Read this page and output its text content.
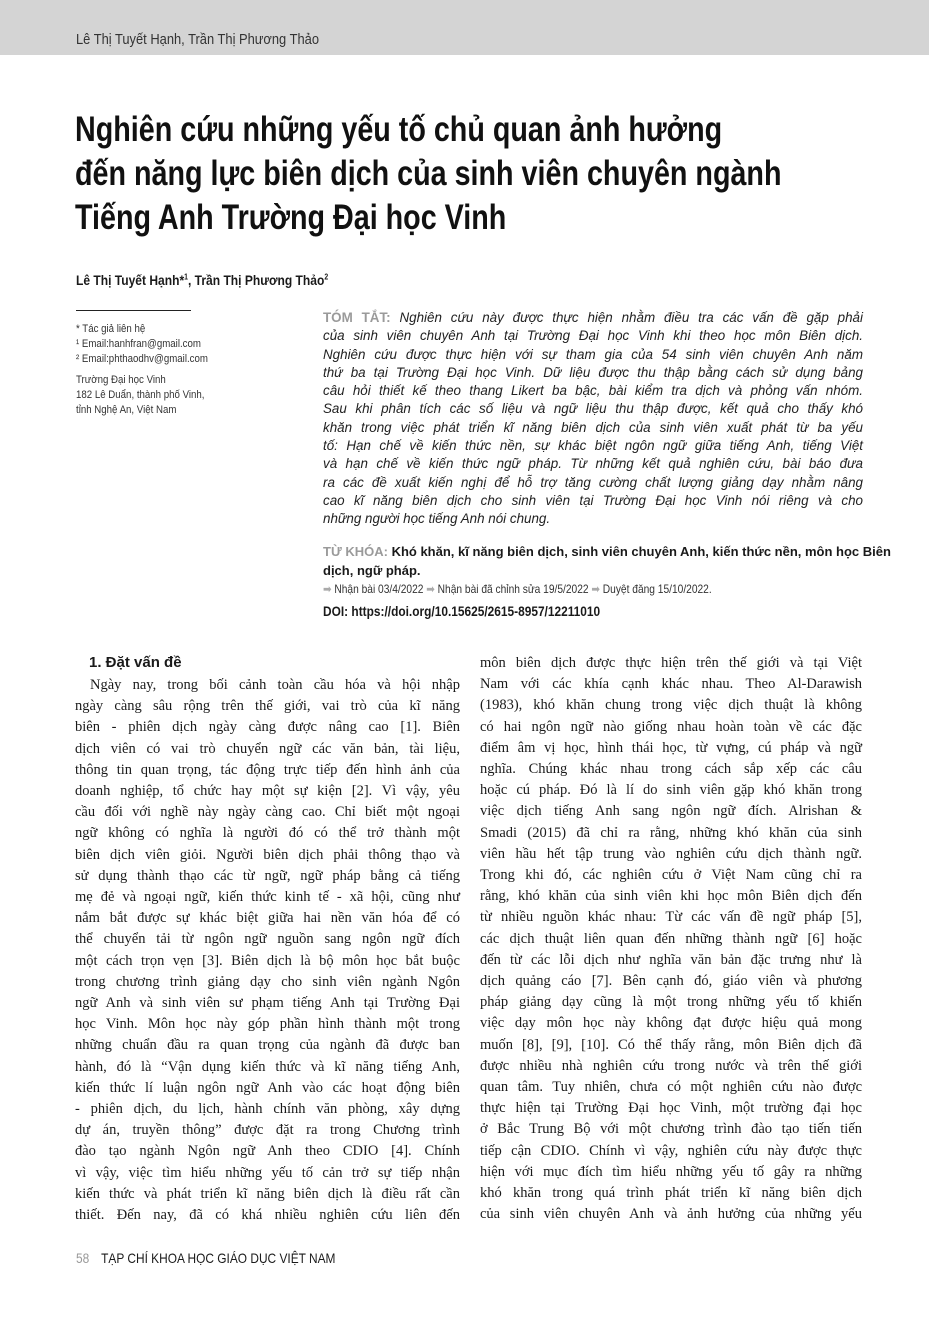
Lê Thị Tuyết Hạnh, Trần Thị Phương Thảo
Nghiên cứu những yếu tố chủ quan ảnh hưởng
đến năng lực biên dịch của sinh viên chuyên ngành
Tiếng Anh Trường Đại học Vinh
Lê Thị Tuyết Hạnh*$^1$, Trần Thị Phương Thảo$^2$
* Tác giả liên hệ
¹ Email:hanhfran@gmail.com
² Email:phthaodhv@gmail.com
Trường Đại học Vinh
182 Lê Duẩn, thành phố Vinh,
tỉnh Nghệ An, Việt Nam
TÓM TẮT: Nghiên cứu này được thực hiện nhằm điều tra các vấn đề gặp phải
của sinh viên chuyên Anh tại Trường Đại học Vinh khi theo học môn Biên dịch.
Nghiên cứu được thực hiện với sự tham gia của 54 sinh viên chuyên Anh năm
thứ ba tại Trường Đại học Vinh. Dữ liệu được thu thập bằng cách sử dụng bảng
câu hỏi thiết kế theo thang Likert ba bậc, bài kiểm tra dịch và phỏng vấn nhóm.
Sau khi phân tích các số liệu và ngữ liệu thu thập được, kết quả cho thấy khó
khăn trong việc phát triển kĩ năng biên dịch của sinh viên xuất phát từ ba yếu
tố: Hạn chế về kiến thức nền, sự khác biệt ngôn ngữ giữa tiếng Anh, tiếng Việt
và hạn chế về kiến thức ngữ pháp. Từ những kết quả nghiên cứu, bài báo đưa
ra các đề xuất kiến nghị để hỗ trợ tăng cường chất lượng giảng dạy nhằm nâng
cao kĩ năng biên dịch cho sinh viên tại Trường Đại học Vinh nói riêng và cho
những người học tiếng Anh nói chung.
TỪ KHÓA: Khó khăn, kĩ năng biên dịch, sinh viên chuyên Anh, kiến thức nền, môn học Biên
dịch, ngữ pháp.
➡ Nhận bài 03/4/2022 ➡ Nhận bài đã chỉnh sửa 19/5/2022 ➡ Duyệt đăng 15/10/2022.
DOI: https://doi.org/10.15625/2615-8957/12211010
1. Đặt vấn đề
Ngày nay, trong bối cảnh toàn cầu hóa và hội nhập
ngày càng sâu rộng trên thế giới, vai trò của kĩ năng
biên - phiên dịch ngày càng được nâng cao [1]. Biên
dịch viên có vai trò chuyển ngữ các văn bản, tài liệu,
thông tin quan trọng, tác động trực tiếp đến hình ảnh của
doanh nghiệp, tổ chức hay một sự kiện [2]. Vì vậy, yêu
cầu đối với nghề này ngày càng cao. Chỉ biết một ngoại
ngữ không có nghĩa là người đó có thể trở thành một
biên dịch viên giỏi. Người biên dịch phải thông thạo và
sử dụng thành thạo các từ ngữ, ngữ pháp bằng cả tiếng
mẹ đẻ và ngoại ngữ, kiến thức kinh tế - xã hội, cũng như
nắm bắt được sự khác biệt giữa hai nền văn hóa để có
thể chuyển tải từ ngôn ngữ nguồn sang ngôn ngữ đích
một cách trọn vẹn [3]. Biên dịch là bộ môn học bắt buộc
trong chương trình giảng dạy cho sinh viên ngành Ngôn
ngữ Anh và sinh viên sư phạm tiếng Anh tại Trường Đại
học Vinh. Môn học này góp phần hình thành một trong
những chuẩn đầu ra quan trọng của ngành đã được ban
hành, đó là “Vận dụng kiến thức và kĩ năng tiếng Anh,
kiến thức lí luận ngôn ngữ Anh vào các hoạt động biên
- phiên dịch, du lịch, hành chính văn phòng, xây dựng
dự án, truyền thông” được đặt ra trong Chương trình
đào tạo ngành Ngôn ngữ Anh theo CDIO [4]. Chính
vì vậy, việc tìm hiểu những yếu tố cản trở sự tiếp nhận
kiến thức và phát triển kĩ năng biên dịch là điều rất cần
thiết. Đến nay, đã có khá nhiều nghiên cứu liên đến
môn biên dịch được thực hiện trên thế giới và tại Việt
Nam với các khía cạnh khác nhau. Theo Al-Darawish
(1983), khó khăn chung trong việc dịch thuật là không
có hai ngôn ngữ nào giống nhau hoàn toàn về các đặc
điểm âm vị học, hình thái học, từ vựng, cú pháp và ngữ
nghĩa. Chúng khác nhau trong cách sắp xếp các câu
hoặc cú pháp. Đó là lí do sinh viên gặp khó khăn trong
việc dịch tiếng Anh sang ngôn ngữ đích. Alrishan &
Smadi (2015) đã chỉ ra rằng, những khó khăn của sinh
viên hầu hết tập trung vào nghiên cứu dịch thành ngữ.
Trong khi đó, các nghiên cứu ở Việt Nam cũng chỉ ra
rằng, khó khăn của sinh viên khi học môn Biên dịch đến
từ nhiều nguồn khác nhau: Từ các vấn đề ngữ pháp [5],
các dịch thuật liên quan đến những thành ngữ [6] hoặc
đến từ các lỗi dịch như nghĩa văn bản đặc trưng như là
dịch quảng cáo [7]. Bên cạnh đó, giáo viên và phương
pháp giảng dạy cũng là một trong những yếu tố khiến
việc dạy môn học này không đạt được hiệu quả mong
muốn [8], [9], [10]. Có thể thấy rằng, môn Biên dịch đã
được nhiều nhà nghiên cứu trong nước và trên thế giới
quan tâm. Tuy nhiên, chưa có một nghiên cứu nào được
thực hiện tại Trường Đại học Vinh, một trường đại học
ở Bắc Trung Bộ với một chương trình đào tạo tiến tiến
tiếp cận CDIO. Chính vì vậy, nghiên cứu này được thực
hiện với mục đích tìm hiểu những yếu tố gây ra những
khó khăn trong quá trình phát triển kĩ năng biên dịch
của sinh viên chuyên Anh và ảnh hưởng của những yếu
58 TẠP CHÍ KHOA HỌC GIÁO DỤC VIỆT NAM
